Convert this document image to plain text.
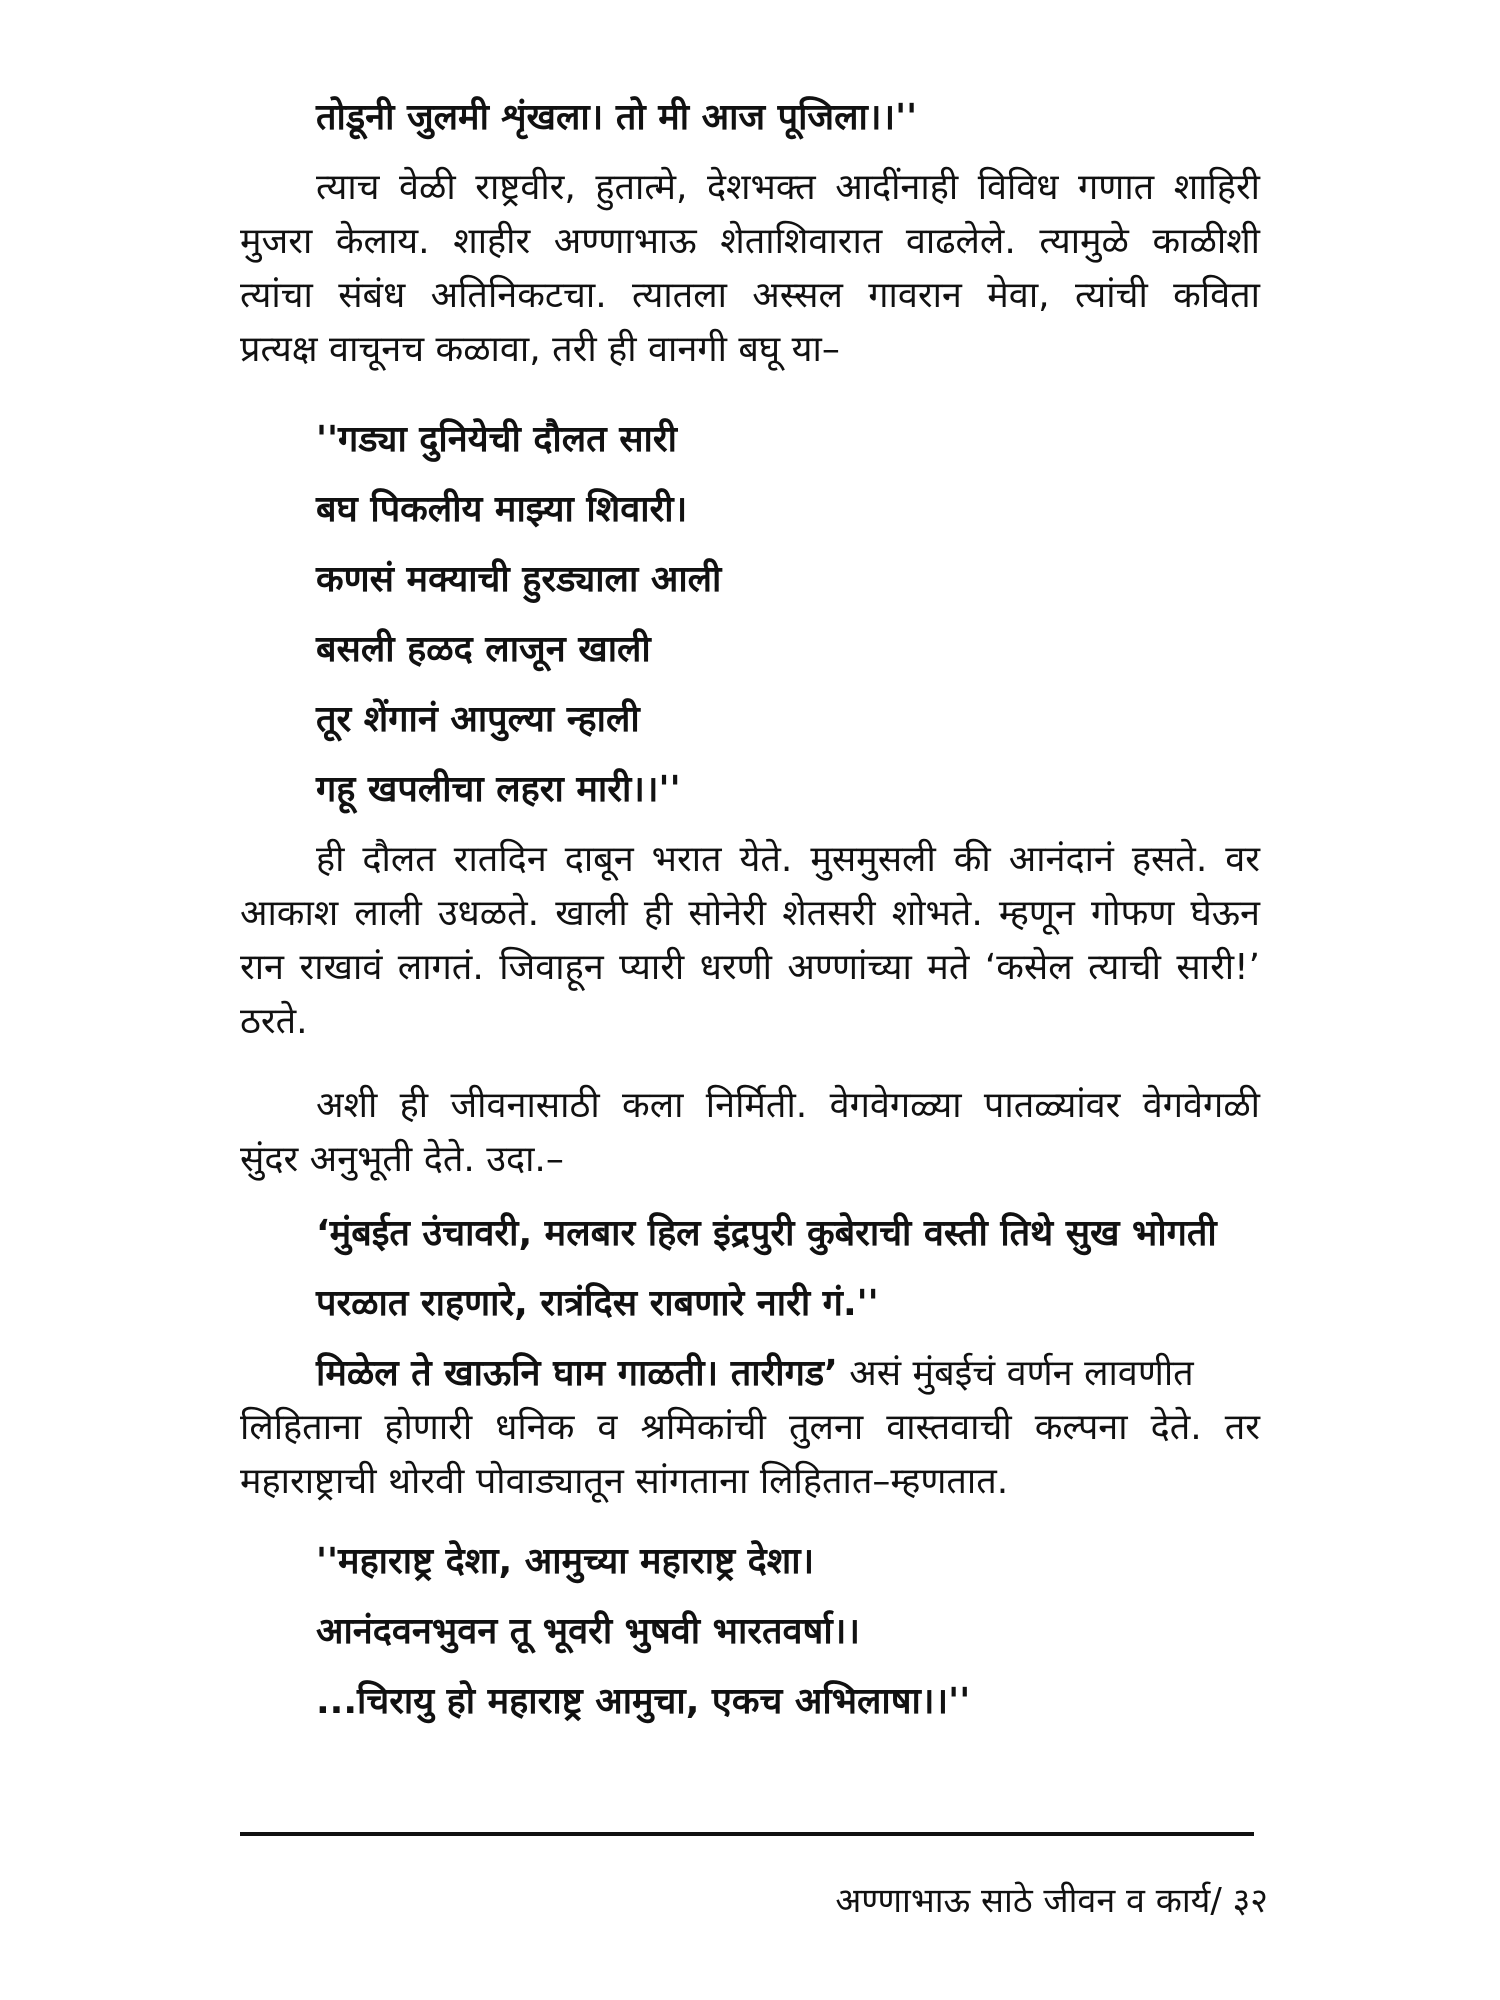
तोडूनी जुलमी शृंखला। तो मी आज पूजिला।।''

त्याच वेळी राष्ट्रवीर, हुतात्मे, देशभक्त आदींनाही विविध गणात शाहिरी

मुजरा केलाय. शाहीर अण्णाभाऊ शेताशिवारात वाढलेले. त्यामुळे काळीशी

त्यांचा संबंध अतिनिकटचा. त्यातला अस्सल गावरान मेवा, त्यांची कविता

प्रत्यक्ष वाचूनच कळावा, तरी ही वानगी बघू या–

''गड्या दुनियेची दौलत सारी

बघ पिकलीय माझ्या शिवारी।

कणसं मक्याची हुरड्याला आली

बसली हळद लाजून खाली

तूर शेंगानं आपुल्या न्हाली

गहू खपलीचा लहरा मारी।।''

ही दौलत रातदिन दाबून भरात येते. मुसमुसली की आनंदानं हसते. वर

आकाश लाली उधळते. खाली ही सोनेरी शेतसरी शोभते. म्हणून गोफण घेऊन

रान राखावं लागतं. जिवाहून प्यारी धरणी अण्णांच्या मते ‘कसेल त्याची सारी!’

ठरते.

अशी ही जीवनासाठी कला निर्मिती. वेगवेगळ्या पातळ्यांवर वेगवेगळी

सुंदर अनुभूती देते. उदा.–

‘मुंबईत उंचावरी, मलबार हिल इंद्रपुरी कुबेराची वस्ती तिथे सुख भोगती

परळात राहणारे, रात्रंदिस राबणारे नारी गं.''

मिळेल ते खाऊनि घाम गाळती। तारीगड’ असं मुंबईचं वर्णन लावणीत

लिहिताना होणारी धनिक व श्रमिकांची तुलना वास्तवाची कल्पना देते. तर

महाराष्ट्राची थोरवी पोवाड्यातून सांगताना लिहितात–म्हणतात.

''महाराष्ट्र देशा, आमुच्या महाराष्ट्र देशा।

आनंदवनभुवन तू भूवरी भुषवी भारतवर्षा।।

...चिरायु हो महाराष्ट्र आमुचा, एकच अभिलाषा।।''

अण्णाभाऊ साठे जीवन व कार्य/ ३२
